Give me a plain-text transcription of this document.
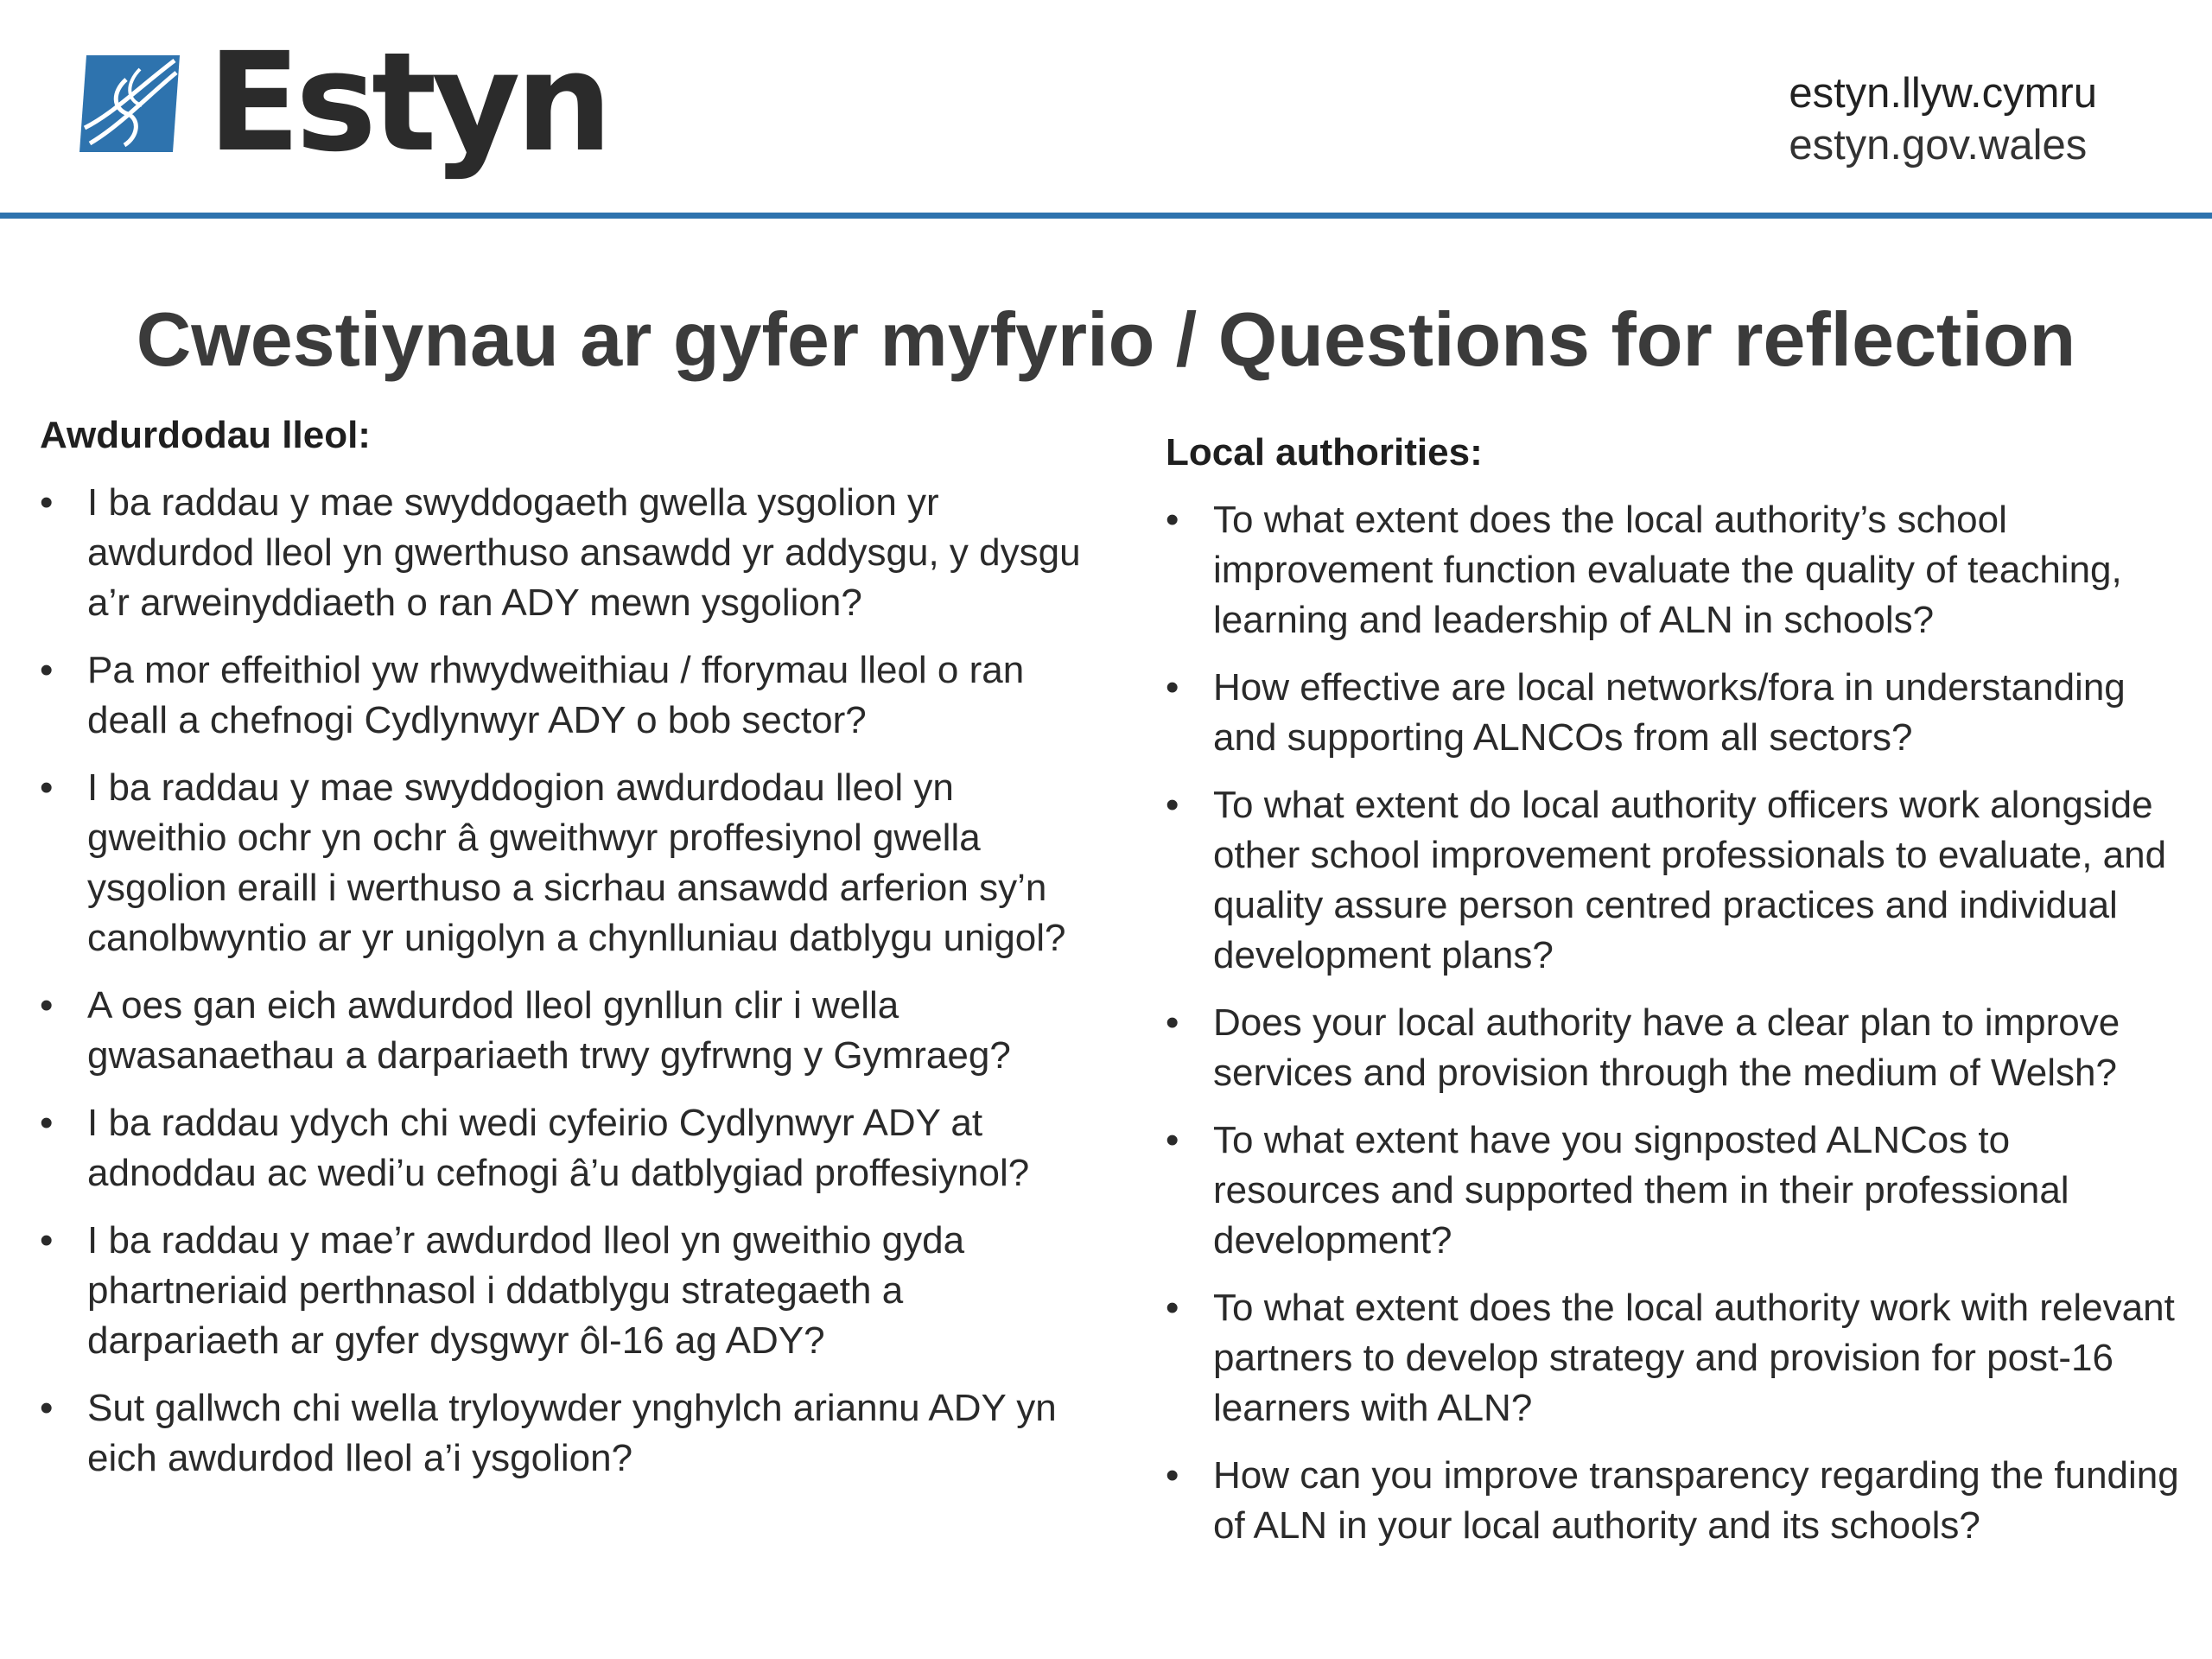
Estyn	estyn.llyw.cymru
estyn.gov.wales
Cwestiynau ar gyfer myfyrio / Questions for reflection
Awdurdodau lleol:
• I ba raddau y mae swyddogaeth gwella ysgolion yr awdurdod lleol yn gwerthuso ansawdd yr addysgu, y dysgu a’r arweinyddiaeth o ran ADY mewn ysgolion?
• Pa mor effeithiol yw rhwydweithiau / fforymau lleol o ran deall a chefnogi Cydlynwyr ADY o bob sector?
• I ba raddau y mae swyddogion awdurdodau lleol yn gweithio ochr yn ochr â gweithwyr proffesiynol gwella ysgolion eraill i werthuso a sicrhau ansawdd arferion sy’n canolbwyntio ar yr unigolyn a chynlluniau datblygu unigol?
• A oes gan eich awdurdod lleol gynllun clir i wella gwasanaethau a darpariaeth trwy gyfrwng y Gymraeg?
• I ba raddau ydych chi wedi cyfeirio Cydlynwyr ADY at adnoddau ac wedi’u cefnogi â’u datblygiad proffesiynol?
• I ba raddau y mae’r awdurdod lleol yn gweithio gyda phartneriaid perthnasol i ddatblygu strategaeth a darpariaeth ar gyfer dysgwyr ôl-16 ag ADY?
• Sut gallwch chi wella tryloywder ynghylch ariannu ADY yn eich awdurdod lleol a’i ysgolion?
Local authorities:
• To what extent does the local authority’s school improvement function evaluate the quality of teaching, learning and leadership of ALN in schools?
• How effective are local networks/fora in understanding and supporting ALNCOs from all sectors?
• To what extent do local authority officers work alongside other school improvement professionals to evaluate, and quality assure person centred practices and individual development plans?
• Does your local authority have a clear plan to improve services and provision through the medium of Welsh?
• To what extent have you signposted ALNCos to resources and supported them in their professional development?
• To what extent does the local authority work with relevant partners to develop strategy and provision for post-16 learners with ALN?
• How can you improve transparency regarding the funding of ALN in your local authority and its schools?
